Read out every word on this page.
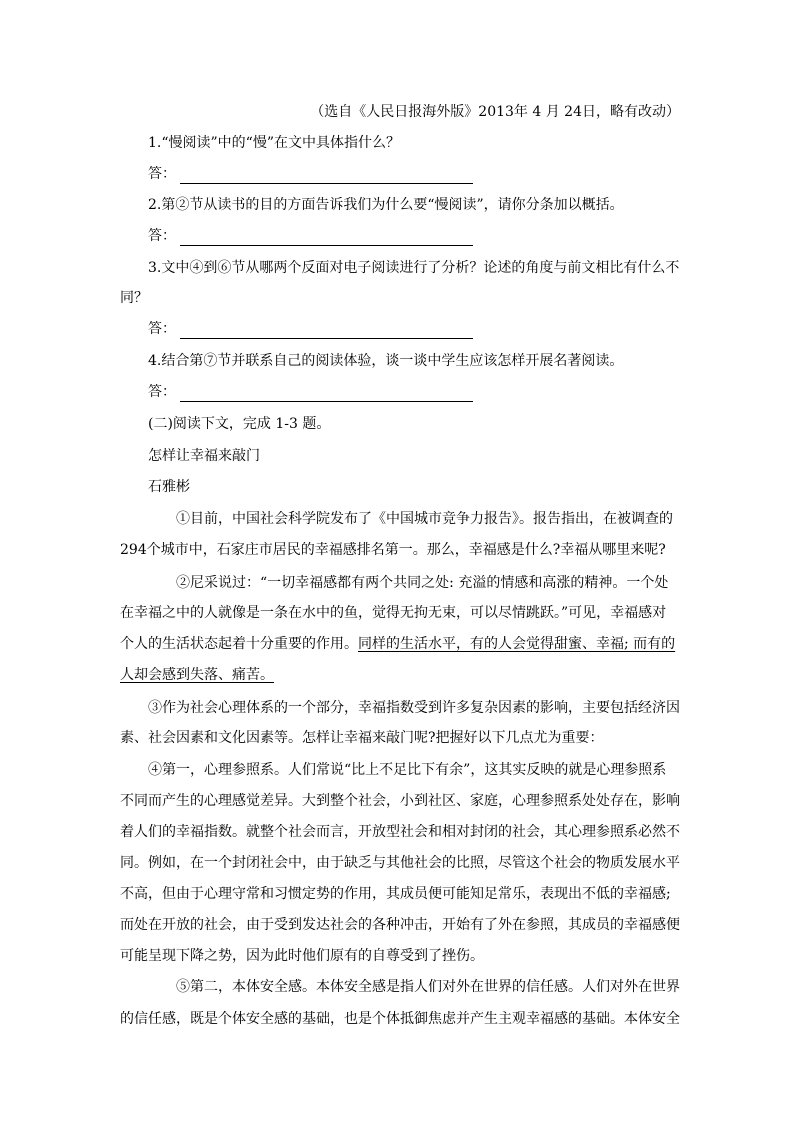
（选自《人民日报海外版》2013年 4 月 24日，略有改动）
1.“慢阅读”中的“慢”在文中具体指什么？
答：
2.第②节从读书的目的方面告诉我们为什么要“慢阅读”，请你分条加以概括。
答：
3.文中④到⑥节从哪两个反面对电子阅读进行了分析？论述的角度与前文相比有什么不
同？
答：
4.结合第⑦节并联系自己的阅读体验，谈一谈中学生应该怎样开展名著阅读。
答：
(二)阅读下文，完成 1-3 题。
怎样让幸福来敲门
石雅彬
①目前，中国社会科学院发布了《中国城市竞争力报告》。报告指出，在被调查的
294个城市中，石家庄市居民的幸福感排名第一。那么，幸福感是什么?幸福从哪里来呢?
②尼采说过：“一切幸福感都有两个共同之处: 充溢的情感和高涨的精神。一个处
在幸福之中的人就像是一条在水中的鱼，觉得无拘无束，可以尽情跳跃。”可见，幸福感对
个人的生活状态起着十分重要的作用。同样的生活水平，有的人会觉得甜蜜、幸福; 而有的
人却会感到失落、痛苦。
③作为社会心理体系的一个部分，幸福指数受到许多复杂因素的影响，主要包括经济因
素、社会因素和文化因素等。怎样让幸福来敲门呢?把握好以下几点尤为重要：
④第一，心理参照系。人们常说“比上不足比下有余”，这其实反映的就是心理参照系
不同而产生的心理感觉差异。大到整个社会，小到社区、家庭，心理参照系处处存在，影响
着人们的幸福指数。就整个社会而言，开放型社会和相对封闭的社会，其心理参照系必然不
同。例如，在一个封闭社会中，由于缺乏与其他社会的比照，尽管这个社会的物质发展水平
不高，但由于心理守常和习惯定势的作用，其成员便可能知足常乐，表现出不低的幸福感;
而处在开放的社会，由于受到发达社会的各种冲击，开始有了外在参照，其成员的幸福感便
可能呈现下降之势，因为此时他们原有的自尊受到了挫伤。
⑤第二，本体安全感。本体安全感是指人们对外在世界的信任感。人们对外在世界
的信任感，既是个体安全感的基础，也是个体抵御焦虑并产生主观幸福感的基础。本体安全
